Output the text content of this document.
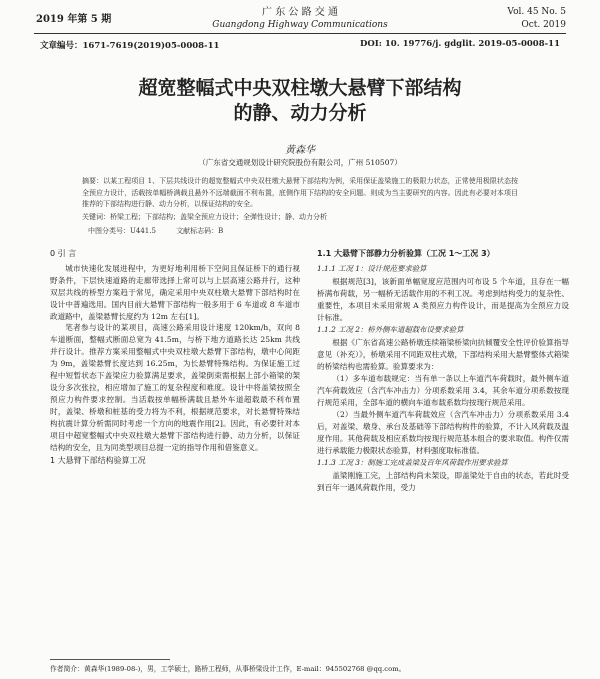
2019 年第 5 期
广 东 公 路 交 通
Guangdong Highway Communications
Vol. 45 No. 5
Oct. 2019
文章编号：1671-7619(2019)05-0008-11	DOI: 10. 19776/j. gdglit. 2019-05-0008-11
超宽整幅式中央双柱墩大悬臂下部结构
的静、动力分析
黄森华
（广东省交通规划设计研究院股份有限公司，广州 510507）
摘要：以某工程项目 1、下层共线设计的超宽整幅式中央双柱墩大悬臂下部结构为例，采用保证盖梁施工的极限力状态，正常使用极限状态按全预应力设计，活载按单幅桥满载且悬外不远端截面不利布置，底侧作用下结构的安全问题。则成为当主要研究的内容。因此有必要对本项目推荐的下部结构进行静、动力分析，以保证结构的安全。
关键词：桥梁工程；下部结构；盖梁全预应力设计；全弹性设计；静、动力分析
中图分类号：U441.5	文献标志码：B
0 引 言

城市快速化发展进程中，为更好地利用桥下空间且保证桥下的通行视野条件，下层快速道路的走廊带选择上常可以与上层高速公路并行，这种双层共线的桥型方案趋于常见，确定采用中央双柱墩大悬臂下部结构时在设计中普遍选用。国内目前大悬臂下部结构一般多用于 6 车道或 8 车道市政道路中，盖梁悬臂长度约为 12m 左右[1]。

笔者参与设计的某项目，高速公路采用设计速度 120km/h，双向 8 车道断面，整幅式断面总宽为 41.5m，与桥下地方道路长达 25km 共线并行设计。推荐方案采用整幅式中央双柱墩大悬臂下部结构，墩中心间距为 9m，盖梁悬臂长度达到 16.25m，为长悬臂特殊结构。为保证施工过程中短暂状态下盖梁应力验算满足要求，盖梁倒束需根据上部小箱梁的架设分多次张拉，相应增加了施工的复杂程度和难度。设计中将盖梁按照全预应力构件要求控制。当活载按单幅桥满载且悬外车道超载最不利布置时，盖梁、桥墩和桩基的受力将为不利，根据规范要求，对长悬臂特殊结构抗震计算分析需同时考虑一个方向的地震作用[2]。因此，有必要针对本项目中超宽整幅式中央双柱墩大悬臂下部结构进行静、动力分析，以保证结构的安全，且为同类型项目总提一定的指导作用和借鉴意义。

1 大悬臂下部结构验算工况
1.1 大悬臂下部静力分析验算（工况 1～工况 3）
1.1.1 工况 1：设计规范要求验算

根据规范[3]，该新面单幅宽度应范围内可布设 5 个车道，且存在一幅桥满布荷载，另一幅桥无活载作用的不利工况。考虑到结构受力的复杂性、重要性，本项目未采用常规 A 类预应力构件设计，而是提高为全预应力设计标准。

1.1.2 工况 2：桥外侧车道超载布设要求验算

根据《广东省高速公路桥墩连续箱梁桥梁向抗倾覆安全性评价验算指导意见（补充）》，桥墩采用不同距双柱式墩，下部结构采用大悬臂整体式箱梁的桥梁结构也需验算。验算要求为：

（1）多车道布载规定：当有单一条以上车道汽车荷载时，最外侧车道汽车荷载效应（含汽车冲击力）分项系数采用 3.4，其余车道分项系数按现行规范采用，全部车道的横向车道布载系数均按现行规范采用。

（2）当最外侧车道汽车荷载效应（含汽车冲击力）分项系数采用 3.4 后，对盖梁、墩身、承台及基础等下部结构构件的验算，不计入风荷载及温度作用。其他荷载及相应系数均按现行规范基本组合的要求取值。构件仅需进行承载能力极限状态验算，材料强度取标准值。

1.1.3 工况 3：制施工完成盖梁及百年风荷载作用要求验算

盖梁刚施工完，上部结构尚未架设，即盖梁处于自由的状态，若此时受到百年一遇风荷载作用，受力

作者简介：黄森华(1989-08-)，男，工学硕士，路桥工程师，从事桥梁设计工作，E-mail：945502768 @qq.com。
